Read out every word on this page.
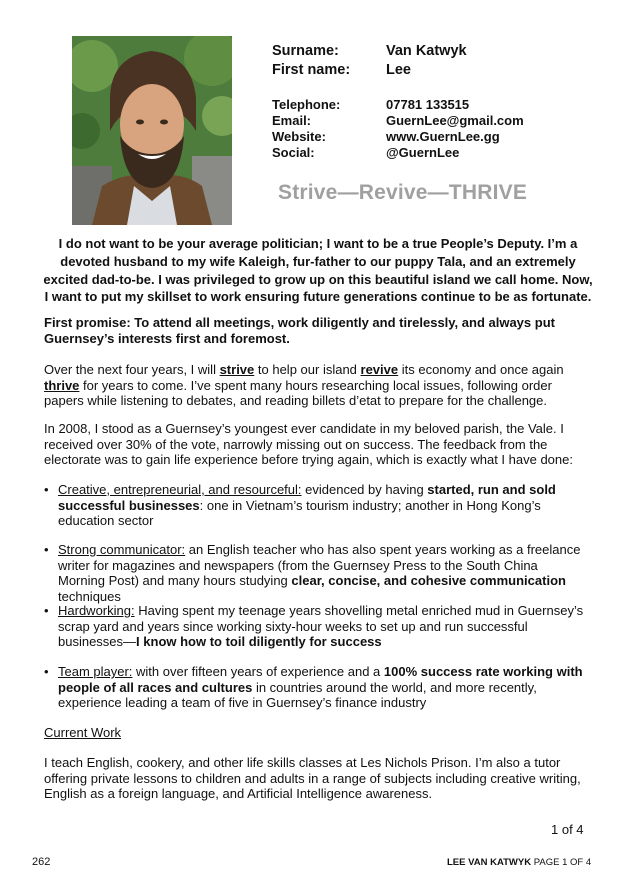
Surname:	Van Katwyk
First name: Lee
Telephone:	07781 133515
Email:	GuernLee@gmail.com
Website:	www.GuernLee.gg
Social:	@GuernLee
Strive—Revive—THRIVE
I do not want to be your average politician; I want to be a true People’s Deputy. I’m a devoted husband to my wife Kaleigh, fur-father to our puppy Tala, and an extremely excited dad-to-be. I was privileged to grow up on this beautiful island we call home. Now, I want to put my skillset to work ensuring future generations continue to be as fortunate.
First promise: To attend all meetings, work diligently and tirelessly, and always put Guernsey’s interests first and foremost.
Over the next four years, I will strive to help our island revive its economy and once again thrive for years to come. I’ve spent many hours researching local issues, following order papers while listening to debates, and reading billets d’etat to prepare for the challenge.
In 2008, I stood as a Guernsey’s youngest ever candidate in my beloved parish, the Vale. I received over 30% of the vote, narrowly missing out on success. The feedback from the electorate was to gain life experience before trying again, which is exactly what I have done:
• Creative, entrepreneurial, and resourceful: evidenced by having started, run and sold successful businesses: one in Vietnam’s tourism industry; another in Hong Kong’s education sector
• Strong communicator: an English teacher who has also spent years working as a freelance writer for magazines and newspapers (from the Guernsey Press to the South China Morning Post) and many hours studying clear, concise, and cohesive communication techniques
• Hardworking: Having spent my teenage years shovelling metal enriched mud in Guernsey’s scrap yard and years since working sixty-hour weeks to set up and run successful businesses—I know how to toil diligently for success
• Team player: with over fifteen years of experience and a 100% success rate working with people of all races and cultures in countries around the world, and more recently, experience leading a team of five in Guernsey’s finance industry
Current Work
I teach English, cookery, and other life skills classes at Les Nichols Prison. I’m also a tutor offering private lessons to children and adults in a range of subjects including creative writing, English as a foreign language, and Artificial Intelligence awareness.
1 of 4
262	LEE VAN KATWYK PAGE 1 OF 4
